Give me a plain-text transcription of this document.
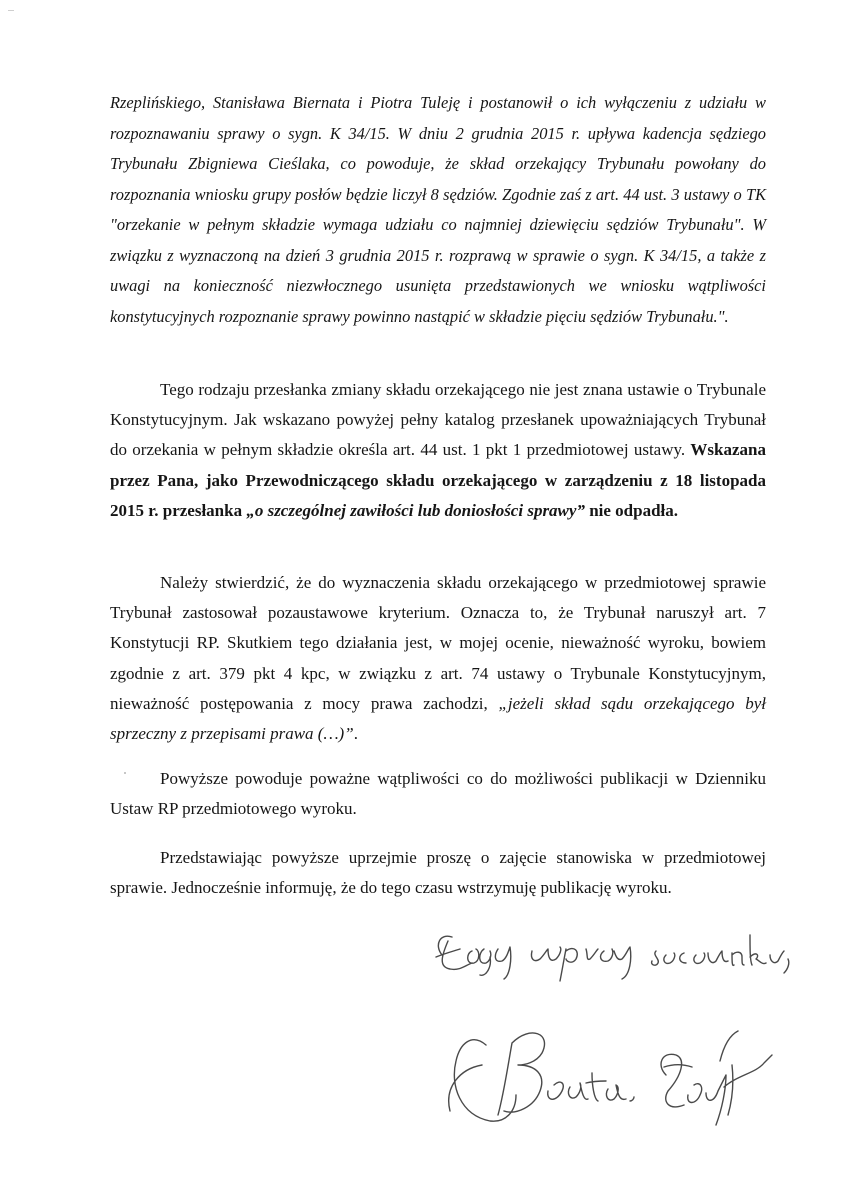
Rzeplińskiego, Stanisława Biernata i Piotra Tuleję i postanowił o ich wyłączeniu z udziału w rozpoznawaniu sprawy o sygn. K 34/15. W dniu 2 grudnia 2015 r. upływa kadencja sędziego Trybunału Zbigniewa Cieślaka, co powoduje, że skład orzekający Trybunału powołany do rozpoznania wniosku grupy posłów będzie liczył 8 sędziów. Zgodnie zaś z art. 44 ust. 3 ustawy o TK "orzekanie w pełnym składzie wymaga udziału co najmniej dziewięciu sędziów Trybunału". W związku z wyznaczoną na dzień 3 grudnia 2015 r. rozprawą w sprawie o sygn. K 34/15, a także z uwagi na konieczność niezwłocznego usunięta przedstawionych we wniosku wątpliwości konstytucyjnych rozpoznanie sprawy powinno nastąpić w składzie pięciu sędziów Trybunału.".
Tego rodzaju przesłanka zmiany składu orzekającego nie jest znana ustawie o Trybunale Konstytucyjnym. Jak wskazano powyżej pełny katalog przesłanek upoważniających Trybunał do orzekania w pełnym składzie określa art. 44 ust. 1 pkt 1 przedmiotowej ustawy. Wskazana przez Pana, jako Przewodniczącego składu orzekającego w zarządzeniu z 18 listopada 2015 r. przesłanka „o szczególnej zawiłości lub doniosłości sprawy” nie odpadła.
Należy stwierdzić, że do wyznaczenia składu orzekającego w przedmiotowej sprawie Trybunał zastosował pozaustawowe kryterium. Oznacza to, że Trybunał naruszył art. 7 Konstytucji RP. Skutkiem tego działania jest, w mojej ocenie, nieważność wyroku, bowiem zgodnie z art. 379 pkt 4 kpc, w związku z art. 74 ustawy o Trybunale Konstytucyjnym, nieważność postępowania z mocy prawa zachodzi, „jeżeli skład sądu orzekającego był sprzeczny z przepisami prawa (…)”.
Powyższe powoduje poważne wątpliwości co do możliwości publikacji w Dzienniku Ustaw RP przedmiotowego wyroku.
Przedstawiając powyższe uprzejmie proszę o zajęcie stanowiska w przedmiotowej sprawie. Jednocześnie informuję, że do tego czasu wstrzymuję publikację wyroku.
